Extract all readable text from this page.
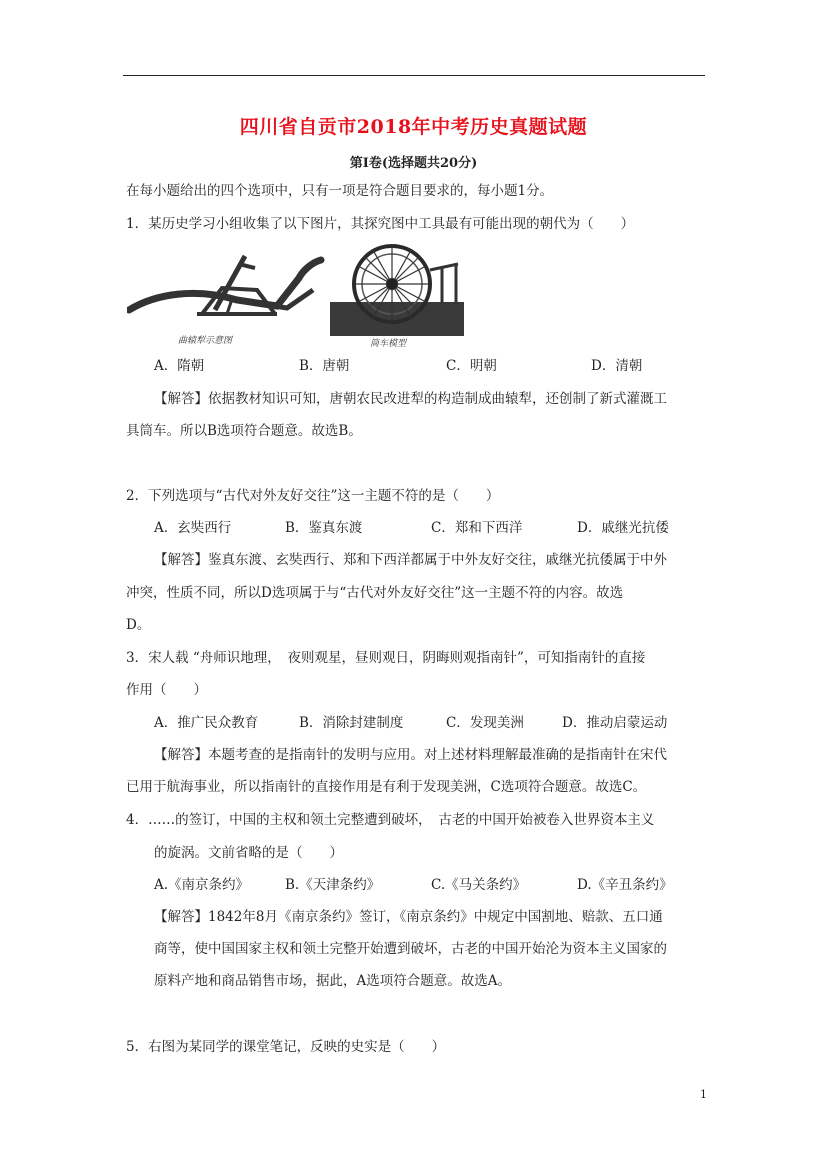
四川省自贡市2018年中考历史真题试题
第Ⅰ卷(选择题共20分)
在每小题给出的四个选项中，只有一项是符合题目要求的，每小题1分。
1．某历史学习小组收集了以下图片，其探究图中工具最有可能出现的朝代为（　　）
曲辕犁示意图	筒车模型
A．隋朝	B．唐朝	C．明朝	D．清朝
【解答】依据教材知识可知，唐朝农民改进犁的构造制成曲辕犁，还创制了新式灌溉工
具筒车。所以B选项符合题意。故选B。
2．下列选项与“古代对外友好交往”这一主题不符的是（　　）
A．玄奘西行	B．鉴真东渡	C．郑和下西洋	D．戚继光抗倭
【解答】鉴真东渡、玄奘西行、郑和下西洋都属于中外友好交往，戚继光抗倭属于中外
冲突，性质不同，所以D选项属于与“古代对外友好交往”这一主题不符的内容。故选
D。
3．宋人载 “舟师识地理，　夜则观星，昼则观日，阴晦则观指南针”，可知指南针的直接
作用（　　）
A．推广民众教育	B．消除封建制度	C．发现美洲	D．推动启蒙运动
【解答】本题考查的是指南针的发明与应用。对上述材料理解最准确的是指南针在宋代
已用于航海事业，所以指南针的直接作用是有利于发现美洲，C选项符合题意。故选C。
4．……的签订，中国的主权和领土完整遭到破坏，　古老的中国开始被卷入世界资本主义
的旋涡。文前省略的是（　　）
A.《南京条约》	B.《天津条约》	C.《马关条约》	D.《辛丑条约》
【解答】1842年8月《南京条约》签订，《南京条约》中规定中国割地、赔款、五口通
商等，使中国国家主权和领土完整开始遭到破坏，古老的中国开始沦为资本主义国家的
原料产地和商品销售市场，据此，A选项符合题意。故选A。
5．右图为某同学的课堂笔记，反映的史实是（　　）
1
